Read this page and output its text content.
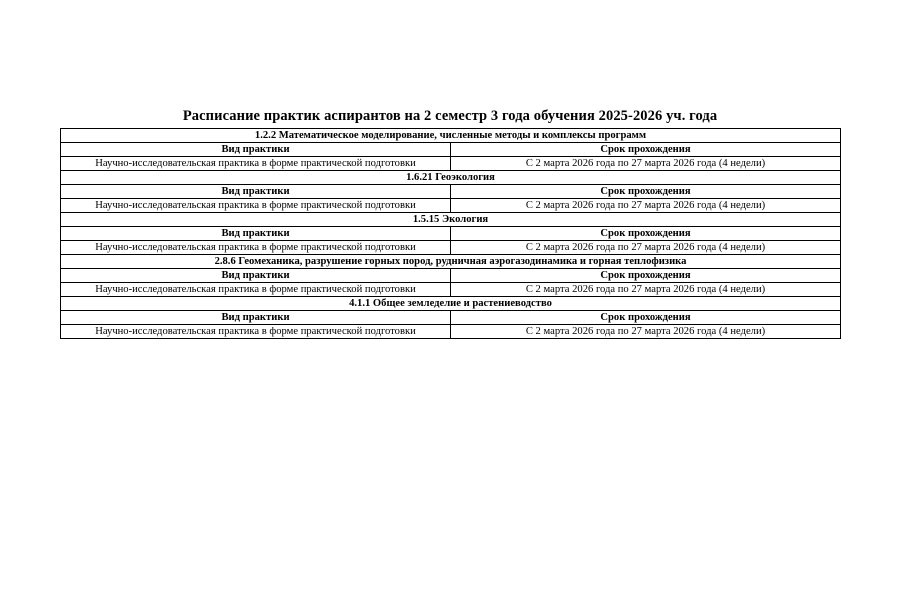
Расписание практик аспирантов на 2 семестр 3 года обучения 2025-2026 уч. года
1.2.2 Математическое моделирование, численные методы и комплексы программ	
Вид практики	Срок прохождения
Научно-исследовательская практика в форме практической подготовки	С 2 марта 2026 года по 27 марта 2026 года (4 недели)
1.6.21 Геоэкология	
Вид практики	Срок прохождения
Научно-исследовательская практика в форме практической подготовки	С 2 марта 2026 года по 27 марта 2026 года (4 недели)
1.5.15 Экология	
Вид практики	Срок прохождения
Научно-исследовательская практика в форме практической подготовки	С 2 марта 2026 года по 27 марта 2026 года (4 недели)
2.8.6 Геомеханика, разрушение горных пород, рудничная аэрогазодинамика и горная теплофизика	
Вид практики	Срок прохождения
Научно-исследовательская практика в форме практической подготовки	С 2 марта 2026 года по 27 марта 2026 года (4 недели)
4.1.1 Общее земледелие и растениеводство	
Вид практики	Срок прохождения
Научно-исследовательская практика в форме практической подготовки	С 2 марта 2026 года по 27 марта 2026 года (4 недели)
